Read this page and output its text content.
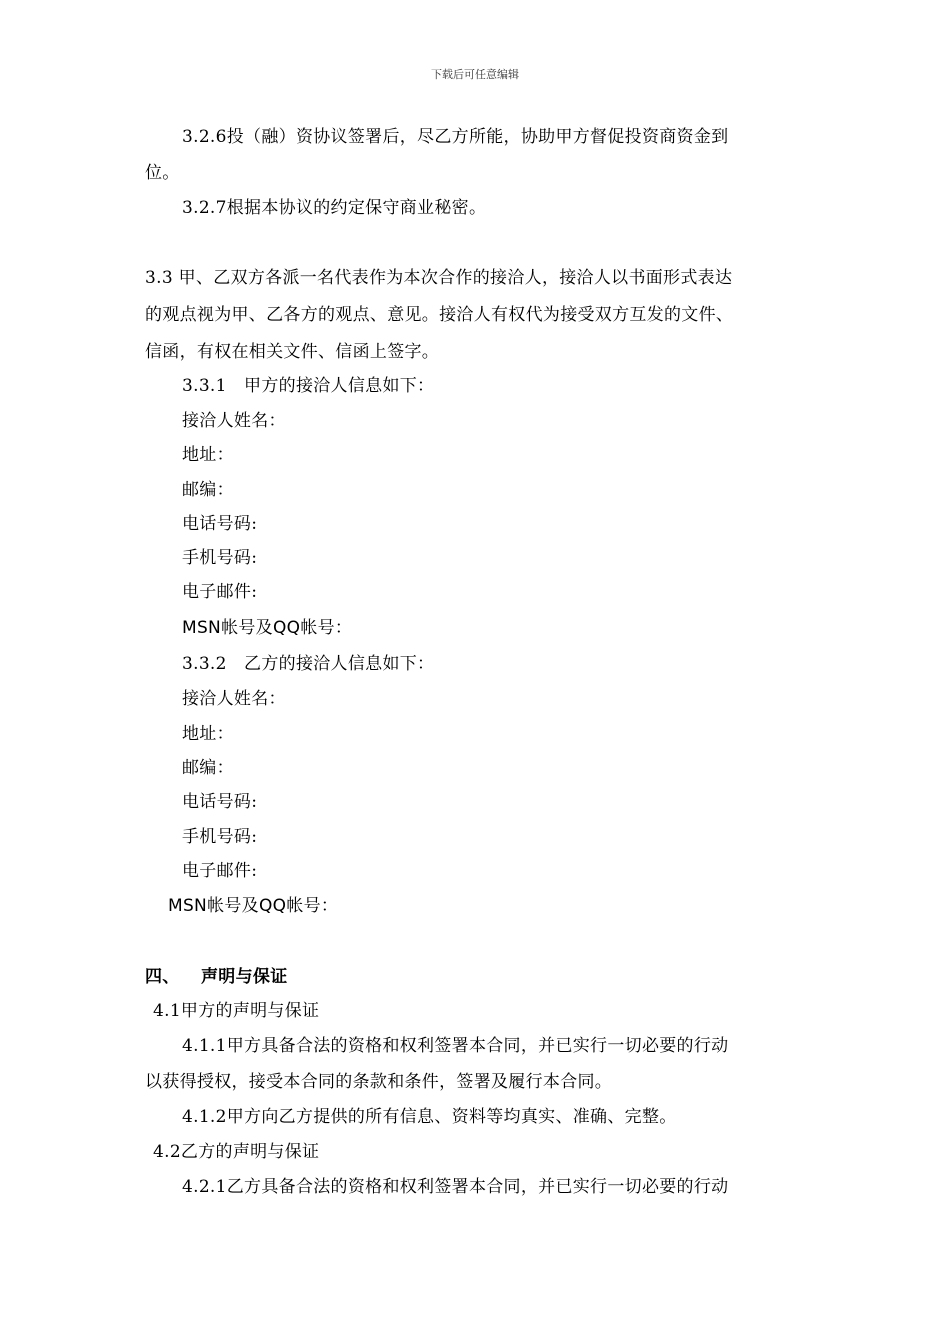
下载后可任意编辑
3.2.6投（融）资协议签署后，尽乙方所能，协助甲方督促投资商资金到
位。
3.2.7根据本协议的约定保守商业秘密。
3.3 甲、乙双方各派一名代表作为本次合作的接洽人，接洽人以书面形式表达
的观点视为甲、乙各方的观点、意见。接洽人有权代为接受双方互发的文件、
信函，有权在相关文件、信函上签字。
3.3.1　甲方的接洽人信息如下：
接洽人姓名：
地址：
邮编：
电话号码:
手机号码:
电子邮件:
MSN帐号及QQ帐号：
3.3.2　乙方的接洽人信息如下：
接洽人姓名：
地址：
邮编：
电话号码:
手机号码:
电子邮件:
MSN帐号及QQ帐号：
四、 声明与保证
4.1甲方的声明与保证
4.1.1甲方具备合法的资格和权利签署本合同，并已实行一切必要的行动
以获得授权，接受本合同的条款和条件，签署及履行本合同。
4.1.2甲方向乙方提供的所有信息、资料等均真实、准确、完整。
4.2乙方的声明与保证
4.2.1乙方具备合法的资格和权利签署本合同，并已实行一切必要的行动
